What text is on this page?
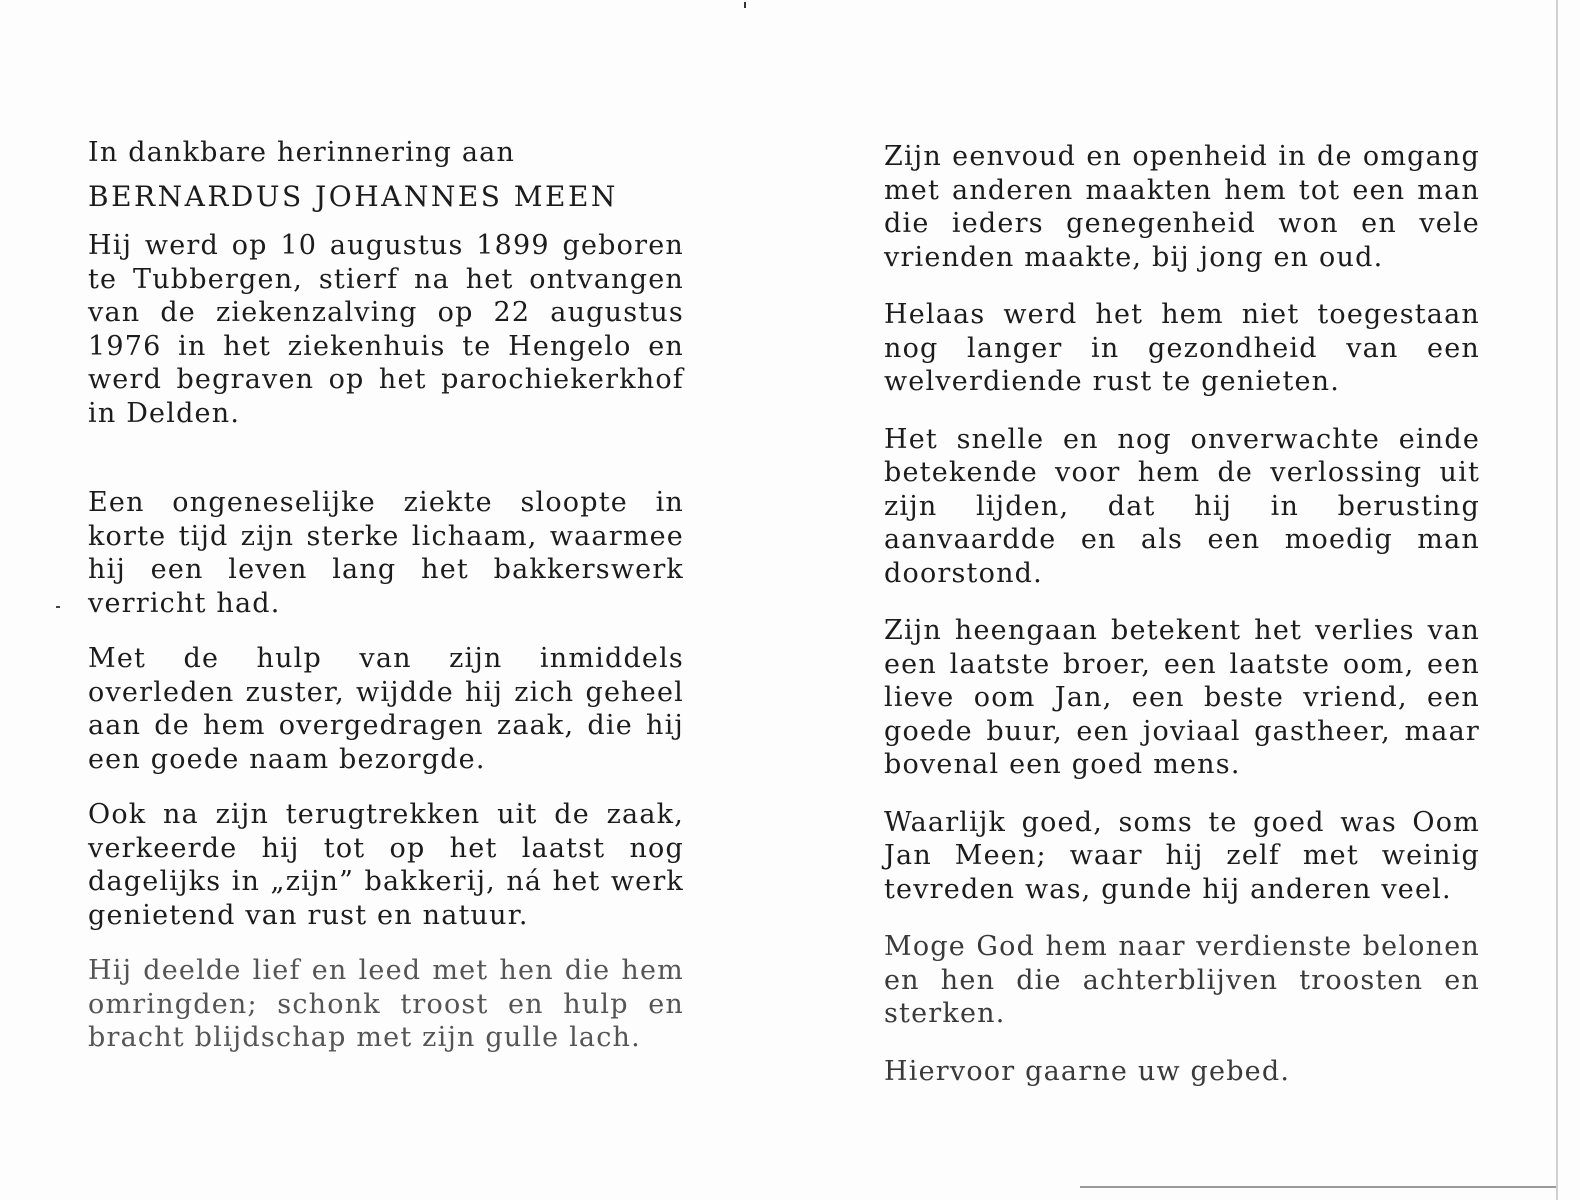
In dankbare herinnering aan

BERNARDUS JOHANNES MEEN

Hij werd op 10 augustus 1899 geboren te Tubbergen, stierf na het ontvangen van de ziekenzalving op 22 augustus 1976 in het ziekenhuis te Hengelo en werd begraven op het parochiekerkhof in Delden.

Een ongeneselijke ziekte sloopte in korte tijd zijn sterke lichaam, waarmee hij een leven lang het bakkerswerk verricht had.

Met de hulp van zijn inmiddels overleden zuster, wijdde hij zich geheel aan de hem overgedragen zaak, die hij een goede naam bezorgde.

Ook na zijn terugtrekken uit de zaak, verkeerde hij tot op het laatst nog dagelijks in „zijn” bakkerij, ná het werk genietend van rust en natuur.

Hij deelde lief en leed met hen die hem omringden; schonk troost en hulp en bracht blijdschap met zijn gulle lach.

Zijn eenvoud en openheid in de omgang met anderen maakten hem tot een man die ieders genegenheid won en vele vrienden maakte, bij jong en oud.

Helaas werd het hem niet toegestaan nog langer in gezondheid van een welverdiende rust te genieten.

Het snelle en nog onverwachte einde betekende voor hem de verlossing uit zijn lijden, dat hij in berusting aanvaardde en als een moedig man doorstond.

Zijn heengaan betekent het verlies van een laatste broer, een laatste oom, een lieve oom Jan, een beste vriend, een goede buur, een joviaal gastheer, maar bovenal een goed mens.

Waarlijk goed, soms te goed was Oom Jan Meen; waar hij zelf met weinig tevreden was, gunde hij anderen veel.

Moge God hem naar verdienste belonen en hen die achterblijven troosten en sterken.

Hiervoor gaarne uw gebed.
